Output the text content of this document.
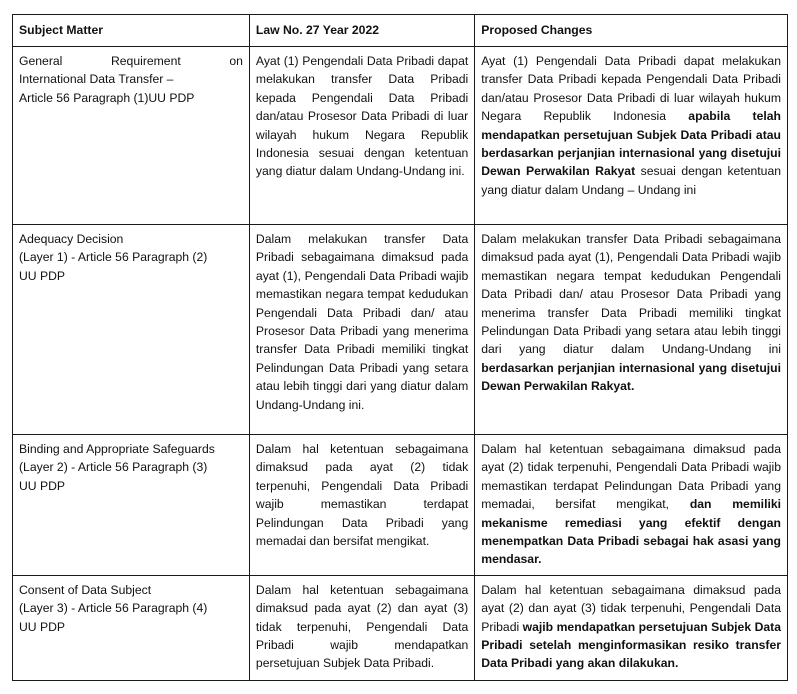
Subject Matter	Law No. 27 Year 2022	Proposed Changes

General Requirement on
International Data Transfer –
Article 56 Paragraph (1)UU PDP
	Ayat (1) Pengendali Data Pribadi dapat melakukan transfer Data Pribadi kepada Pengendali Data Pribadi dan/atau Prosesor Data Pribadi di luar wilayah hukum Negara Republik Indonesia sesuai dengan ketentuan yang diatur dalam Undang-Undang ini.	Ayat (1) Pengendali Data Pribadi dapat melakukan transfer Data Pribadi kepada Pengendali Data Pribadi dan/atau Prosesor Data Pribadi di luar wilayah hukum Negara Republik Indonesia apabila telah mendapatkan persetujuan Subjek Data Pribadi atau berdasarkan perjanjian internasional yang disetujui Dewan Perwakilan Rakyat sesuai dengan ketentuan yang diatur dalam Undang – Undang ini

Adequacy Decision
(Layer 1) - Article 56 Paragraph (2)
UU PDP
	Dalam melakukan transfer Data Pribadi sebagaimana dimaksud pada ayat (1), Pengendali Data Pribadi wajib memastikan negara tempat kedudukan Pengendali Data Pribadi dan/ atau Prosesor Data Pribadi yang menerima transfer Data Pribadi memiliki tingkat Pelindungan Data Pribadi yang setara atau lebih tinggi dari yang diatur dalam Undang-Undang ini.	Dalam melakukan transfer Data Pribadi sebagaimana dimaksud pada ayat (1), Pengendali Data Pribadi wajib memastikan negara tempat kedudukan Pengendali Data Pribadi dan/ atau Prosesor Data Pribadi yang menerima transfer Data Pribadi memiliki tingkat Pelindungan Data Pribadi yang setara atau lebih tinggi dari yang diatur dalam Undang-Undang ini berdasarkan perjanjian internasional yang disetujui Dewan Perwakilan Rakyat.

Binding and Appropriate Safeguards
(Layer 2) - Article 56 Paragraph (3)
UU PDP
	Dalam hal ketentuan sebagaimana dimaksud pada ayat (2) tidak terpenuhi, Pengendali Data Pribadi wajib memastikan terdapat Pelindungan Data Pribadi yang memadai dan bersifat mengikat.	Dalam hal ketentuan sebagaimana dimaksud pada ayat (2) tidak terpenuhi, Pengendali Data Pribadi wajib memastikan terdapat Pelindungan Data Pribadi yang memadai, bersifat mengikat, dan memiliki mekanisme remediasi yang efektif dengan menempatkan Data Pribadi sebagai hak asasi yang mendasar.

Consent of Data Subject
(Layer 3) - Article 56 Paragraph (4)
UU PDP
	Dalam hal ketentuan sebagaimana dimaksud pada ayat (2) dan ayat (3) tidak terpenuhi, Pengendali Data Pribadi wajib mendapatkan persetujuan Subjek Data Pribadi.	Dalam hal ketentuan sebagaimana dimaksud pada ayat (2) dan ayat (3) tidak terpenuhi, Pengendali Data Pribadi wajib mendapatkan persetujuan Subjek Data Pribadi setelah menginformasikan resiko transfer Data Pribadi yang akan dilakukan.
